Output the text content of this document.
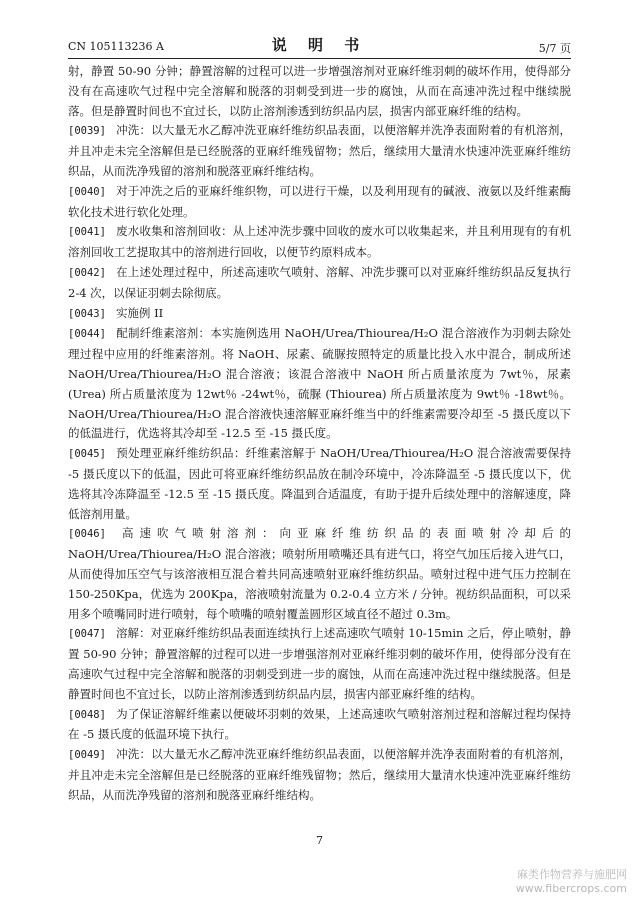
CN 105113236 A	说 明 书	5/7 页

射，静置 50-90 分钟；静置溶解的过程可以进一步增强溶剂对亚麻纤维羽刺的破坏作用，使得部分没有在高速吹气过程中完全溶解和脱落的羽刺受到进一步的腐蚀，从而在高速冲洗过程中继续脱落。但是静置时间也不宜过长，以防止溶剂渗透到纺织品内层，损害内部亚麻纤维的结构。

[0039] 冲洗：以大量无水乙醇冲洗亚麻纤维纺织品表面，以便溶解并洗净表面附着的有机溶剂，并且冲走未完全溶解但是已经脱落的亚麻纤维残留物；然后，继续用大量清水快速冲洗亚麻纤维纺织品，从而洗净残留的溶剂和脱落亚麻纤维结构。

[0040] 对于冲洗之后的亚麻纤维织物，可以进行干燥，以及利用现有的碱液、液氨以及纤维素酶软化技术进行软化处理。

[0041] 废水收集和溶剂回收：从上述冲洗步骤中回收的废水可以收集起来，并且利用现有的有机溶剂回收工艺提取其中的溶剂进行回收，以便节约原料成本。

[0042] 在上述处理过程中，所述高速吹气喷射、溶解、冲洗步骤可以对亚麻纤维纺织品反复执行 2-4 次，以保证羽刺去除彻底。

[0043] 实施例 II

[0044] 配制纤维素溶剂：本实施例选用 NaOH/Urea/Thiourea/H₂O 混合溶液作为羽刺去除处理过程中应用的纤维素溶剂。将 NaOH、尿素、硫脲按照特定的质量比投入水中混合，制成所述 NaOH/Urea/Thiourea/H₂O 混合溶液；该混合溶液中 NaOH 所占质量浓度为 7wt％，尿素 (Urea) 所占质量浓度为 12wt％ -24wt％，硫脲 (Thiourea) 所占质量浓度为 9wt％ -18wt％。NaOH/Urea/Thiourea/H₂O 混合溶液快速溶解亚麻纤维当中的纤维素需要冷却至 -5 摄氏度以下的低温进行，优选将其冷却至 -12.5 至 -15 摄氏度。

[0045] 预处理亚麻纤维纺织品：纤维素溶解于 NaOH/Urea/Thiourea/H₂O 混合溶液需要保持 -5 摄氏度以下的低温，因此可将亚麻纤维纺织品放在制冷环境中，冷冻降温至 -5 摄氏度以下，优选将其冷冻降温至 -12.5 至 -15 摄氏度。降温到合适温度，有助于提升后续处理中的溶解速度，降低溶剂用量。

[0046] 高速吹气喷射溶剂：向亚麻纤维纺织品的表面喷射冷却后的 NaOH/Urea/Thiourea/H₂O 混合溶液；喷射所用喷嘴还具有进气口，将空气加压后接入进气口，从而使得加压空气与该溶液相互混合着共同高速喷射亚麻纤维纺织品。喷射过程中进气压力控制在 150-250Kpa，优选为 200Kpa，溶液喷射流量为 0.2-0.4 立方米 / 分钟。视纺织品面积，可以采用多个喷嘴同时进行喷射，每个喷嘴的喷射覆盖圆形区域直径不超过 0.3m。

[0047] 溶解：对亚麻纤维纺织品表面连续执行上述高速吹气喷射 10-15min 之后，停止喷射，静置 50-90 分钟；静置溶解的过程可以进一步增强溶剂对亚麻纤维羽刺的破坏作用，使得部分没有在高速吹气过程中完全溶解和脱落的羽刺受到进一步的腐蚀，从而在高速冲洗过程中继续脱落。但是静置时间也不宜过长，以防止溶剂渗透到纺织品内层，损害内部亚麻纤维的结构。

[0048] 为了保证溶解纤维素以便破坏羽刺的效果，上述高速吹气喷射溶剂过程和溶解过程均保持在 -5 摄氏度的低温环境下执行。

[0049] 冲洗：以大量无水乙醇冲洗亚麻纤维纺织品表面，以便溶解并洗净表面附着的有机溶剂，并且冲走未完全溶解但是已经脱落的亚麻纤维残留物；然后，继续用大量清水快速冲洗亚麻纤维纺织品，从而洗净残留的溶剂和脱落亚麻纤维结构。

7
麻类作物营养与施肥网
www.fibercrops.com
